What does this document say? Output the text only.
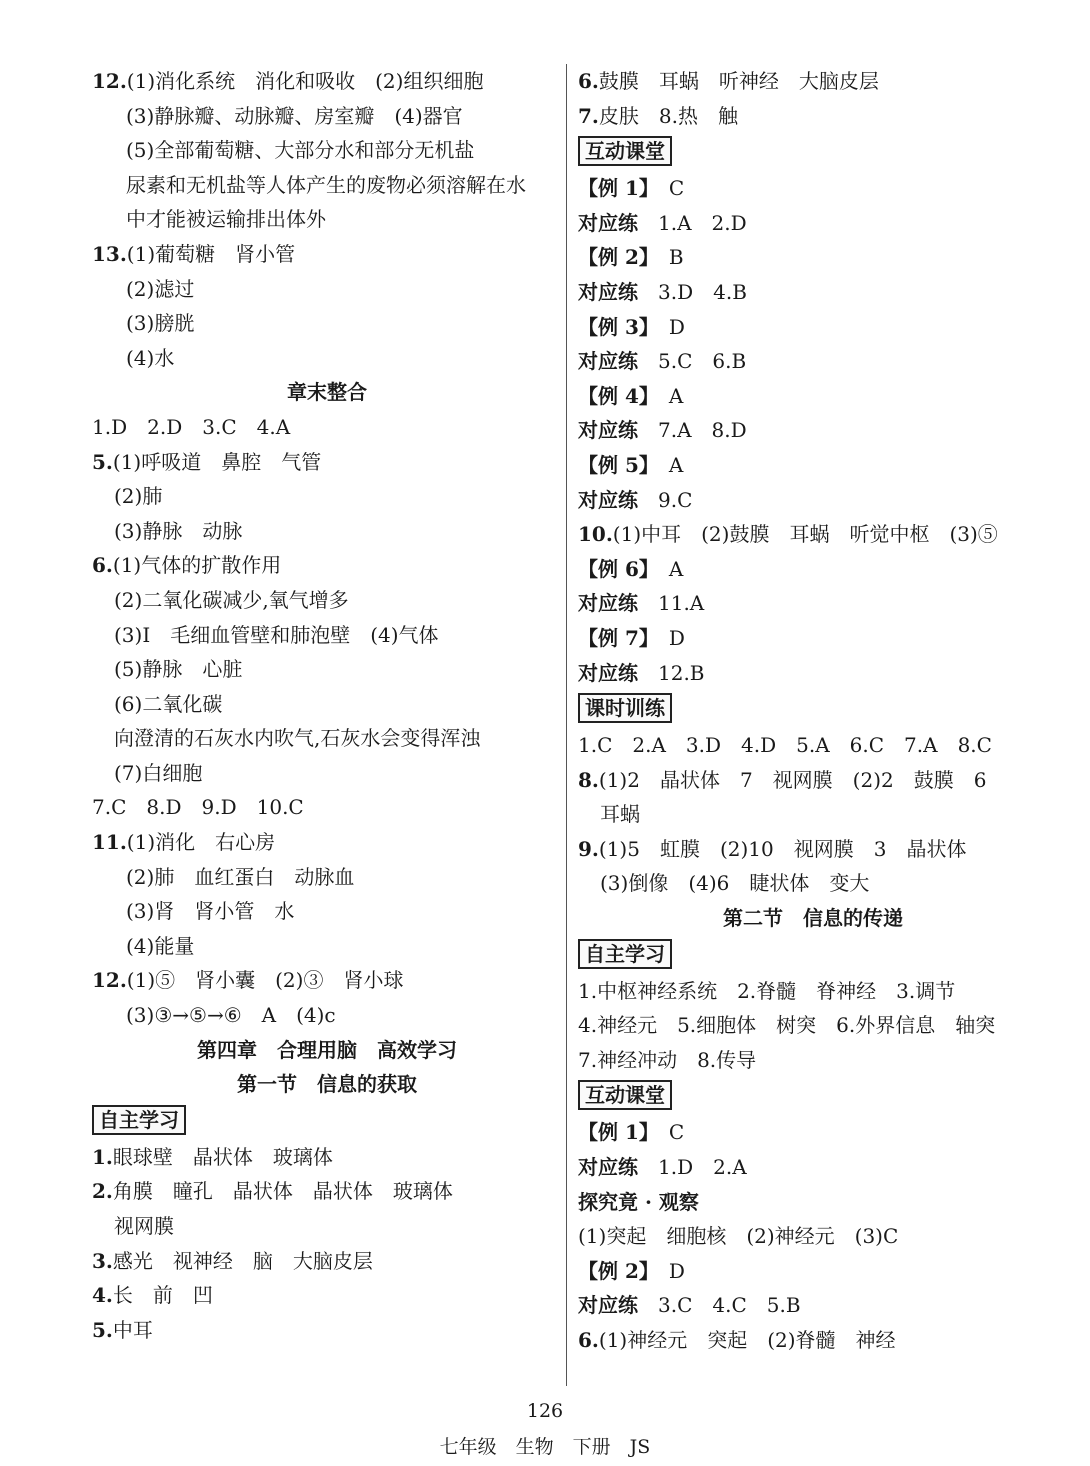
12.(1)消化系统　消化和吸收　(2)组织细胞
(3)静脉瓣、动脉瓣、房室瓣　(4)器官
(5)全部葡萄糖、大部分水和部分无机盐
尿素和无机盐等人体产生的废物必须溶解在水
中才能被运输排出体外
13.(1)葡萄糖　肾小管
(2)滤过
(3)膀胱
(4)水
章末整合
1.D　2.D　3.C　4.A
5.(1)呼吸道　鼻腔　气管
(2)肺
(3)静脉　动脉
6.(1)气体的扩散作用
(2)二氧化碳减少,氧气增多
(3)Ⅰ　毛细血管壁和肺泡壁　(4)气体
(5)静脉　心脏
(6)二氧化碳
向澄清的石灰水内吹气,石灰水会变得浑浊
(7)白细胞
7.C　8.D　9.D　10.C
11.(1)消化　右心房
(2)肺　血红蛋白　动脉血
(3)肾　肾小管　水
(4)能量
12.(1)⑤　肾小囊　(2)③　肾小球
(3)③→⑤→⑥　A　(4)c
第四章　合理用脑　高效学习
第一节　信息的获取
自主学习
1.眼球壁　晶状体　玻璃体
2.角膜　瞳孔　晶状体　晶状体　玻璃体
视网膜
3.感光　视神经　脑　大脑皮层
4.长　前　凹
5.中耳
6.鼓膜　耳蜗　听神经　大脑皮层
7.皮肤　8.热　触
互动课堂
【例 1】　C
对应练　1.A　2.D
【例 2】　B
对应练　3.D　4.B
【例 3】　D
对应练　5.C　6.B
【例 4】　A
对应练　7.A　8.D
【例 5】　A
对应练　9.C
10.(1)中耳　(2)鼓膜　耳蜗　听觉中枢　(3)⑤
【例 6】　A
对应练　11.A
【例 7】　D
对应练　12.B
课时训练
1.C　2.A　3.D　4.D　5.A　6.C　7.A　8.C
8.(1)2　晶状体　7　视网膜　(2)2　鼓膜　6
耳蜗
9.(1)5　虹膜　(2)10　视网膜　3　晶状体
(3)倒像　(4)6　睫状体　变大
第二节　信息的传递
自主学习
1.中枢神经系统　2.脊髓　脊神经　3.调节
4.神经元　5.细胞体　树突　6.外界信息　轴突
7.神经冲动　8.传导
互动课堂
【例 1】　C
对应练　1.D　2.A
探究竟 · 观察
(1)突起　细胞核　(2)神经元　(3)C
【例 2】　D
对应练　3.C　4.C　5.B
6.(1)神经元　突起　(2)脊髓　神经
126
七年级　生物　下册　JS
